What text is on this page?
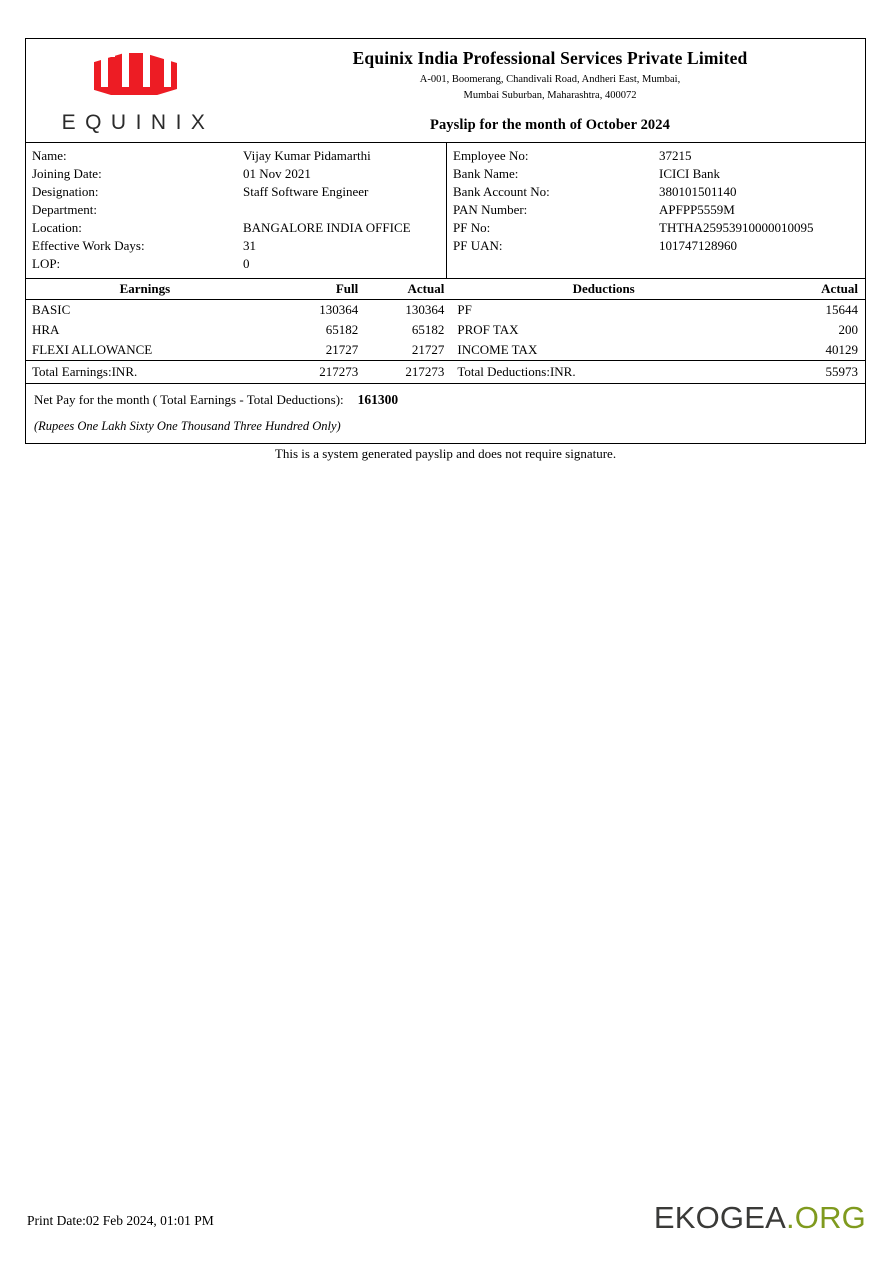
EQUINIX
Equinix India Professional Services Private Limited
A-001, Boomerang, Chandivali Road, Andheri East, Mumbai,
Mumbai Suburban, Maharashtra, 400072
Payslip for the month of October 2024
Name:	Vijay Kumar Pidamarthi
Joining Date:	01 Nov 2021
Designation:	Staff Software Engineer
Department:
Location:	BANGALORE INDIA OFFICE
Effective Work Days:	31
LOP:	0
Employee No:	37215
Bank Name:	ICICI Bank
Bank Account No:	380101501140
PAN Number:	APFPP5559M
PF No:	THTHA25953910000010095
PF UAN:	101747128960
Earnings	Full	Actual	Deductions	Actual
BASIC	130364	130364	PF	15644
HRA	65182	65182	PROF TAX	200
FLEXI ALLOWANCE	21727	21727	INCOME TAX	40129
Total Earnings:INR.	217273	217273	Total Deductions:INR.	55973
Net Pay for the month ( Total Earnings - Total Deductions): 161300
(Rupees One Lakh Sixty One Thousand Three Hundred Only)
This is a system generated payslip and does not require signature.
Print Date:02 Feb 2024, 01:01 PM	EKOGEA.ORG
